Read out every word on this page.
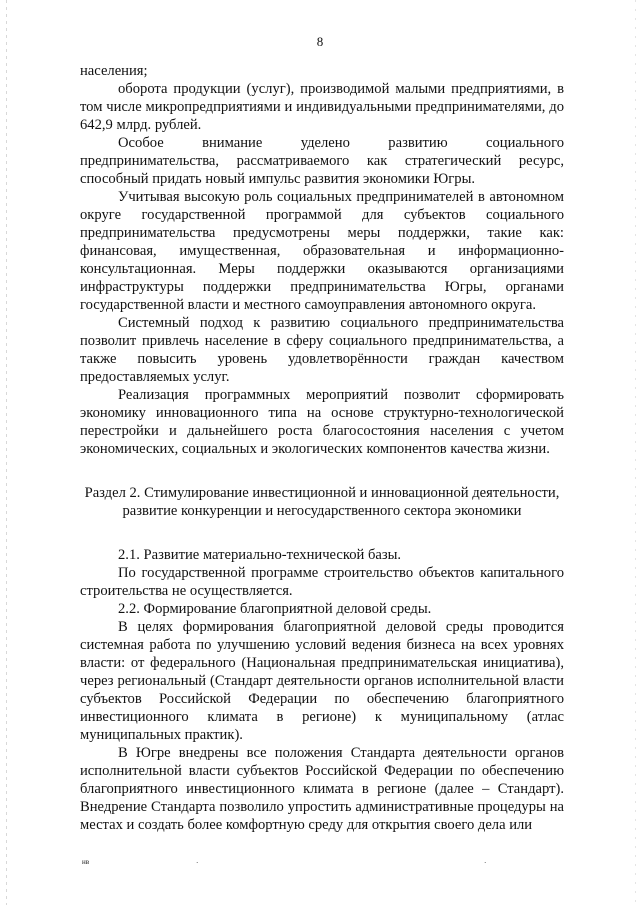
8

населения;

оборота продукции (услуг), производимой малыми предприятиями, в том числе микропредприятиями и индивидуальными предпринимателями, до 642,9 млрд. рублей.

Особое внимание уделено развитию социального предпринимательства, рассматриваемого как стратегический ресурс, способный придать новый импульс развития экономики Югры.

Учитывая высокую роль социальных предпринимателей в автономном округе государственной программой для субъектов социального предпринимательства предусмотрены меры поддержки, такие как: финансовая, имущественная, образовательная и информационно-консультационная. Меры поддержки оказываются организациями инфраструктуры поддержки предпринимательства Югры, органами государственной власти и местного самоуправления автономного округа.

Системный подход к развитию социального предпринимательства позволит привлечь население в сферу социального предпринимательства, а также повысить уровень удовлетворённости граждан качеством предоставляемых услуг.

Реализация программных мероприятий позволит сформировать экономику инновационного типа на основе структурно-технологической перестройки и дальнейшего роста благосостояния населения с учетом экономических, социальных и экологических компонентов качества жизни.

Раздел 2. Стимулирование инвестиционной и инновационной деятельности, развитие конкуренции и негосударственного сектора экономики

2.1. Развитие материально-технической базы.

По государственной программе строительство объектов капитального строительства не осуществляется.

2.2. Формирование благоприятной деловой среды.

В целях формирования благоприятной деловой среды проводится системная работа по улучшению условий ведения бизнеса на всех уровнях власти: от федерального (Национальная предпринимательская инициатива), через региональный (Стандарт деятельности органов исполнительной власти субъектов Российской Федерации по обеспечению благоприятного инвестиционного климата в регионе) к муниципальному (атлас муниципальных практик).

В Югре внедрены все положения Стандарта деятельности органов исполнительной власти субъектов Российской Федерации по обеспечению благоприятного инвестиционного климата в регионе (далее – Стандарт). Внедрение Стандарта позволило упростить административные процедуры на местах и создать более комфортную среду для открытия своего дела или

нв	·	·
